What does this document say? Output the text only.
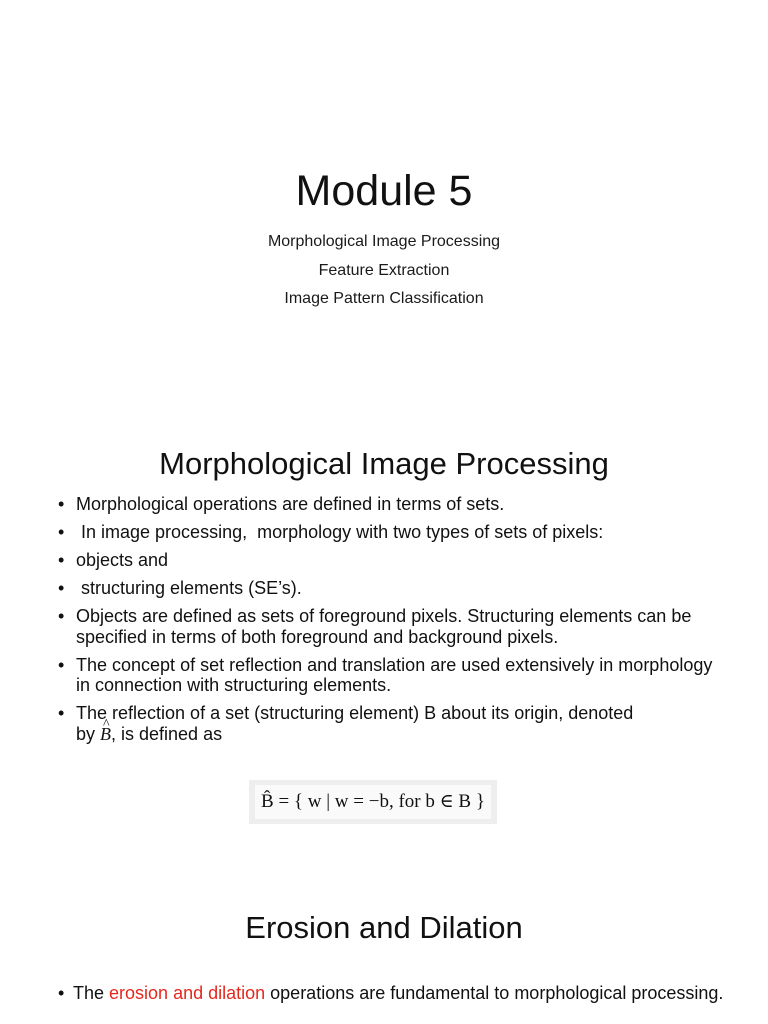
Module 5
Morphological Image Processing
Feature Extraction
Image Pattern Classification
Morphological Image Processing
• Morphological operations are defined in terms of sets.
• In image processing,  morphology with two types of sets of pixels:
• objects and
• structuring elements (SE’s).
• Objects are defined as sets of foreground pixels. Structuring elements can be specified in terms of both foreground and background pixels.
• The concept of set reflection and translation are used extensively in morphology in connection with structuring elements.
• The reflection of a set (structuring element) B about its origin, denoted
by ^ B, is defined as
B̂ = { w | w = −b, for b ∈ B }
Erosion and Dilation
• The erosion and dilation operations are fundamental to morphological processing.
